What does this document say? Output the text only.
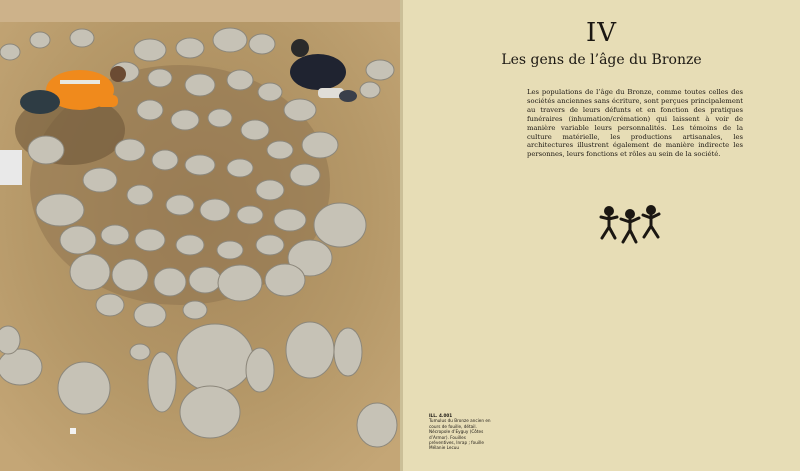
IV
Les gens de l’âge du Bronze

Les populations de l’âge du Bronze, comme toutes celles des sociétés anciennes sans écriture, sont perçues principalement au travers de leurs défunts et en fonction des pratiques funéraires (inhumation/crémation) qui laissent à voir de manière variable leurs personnalités. Les témoins de la culture matérielle, les productions artisanales, les architectures illustrent également de manière indirecte les personnes, leurs fonctions et rôles au sein de la société.

ILL. 4.001
Tumulus du Bronze ancien en cours de fouille, détail. Nécropole d’Eyguy (Côtes d’Armor). Fouilles préventives, Inrap ; fouille Mélanie Lecuu
